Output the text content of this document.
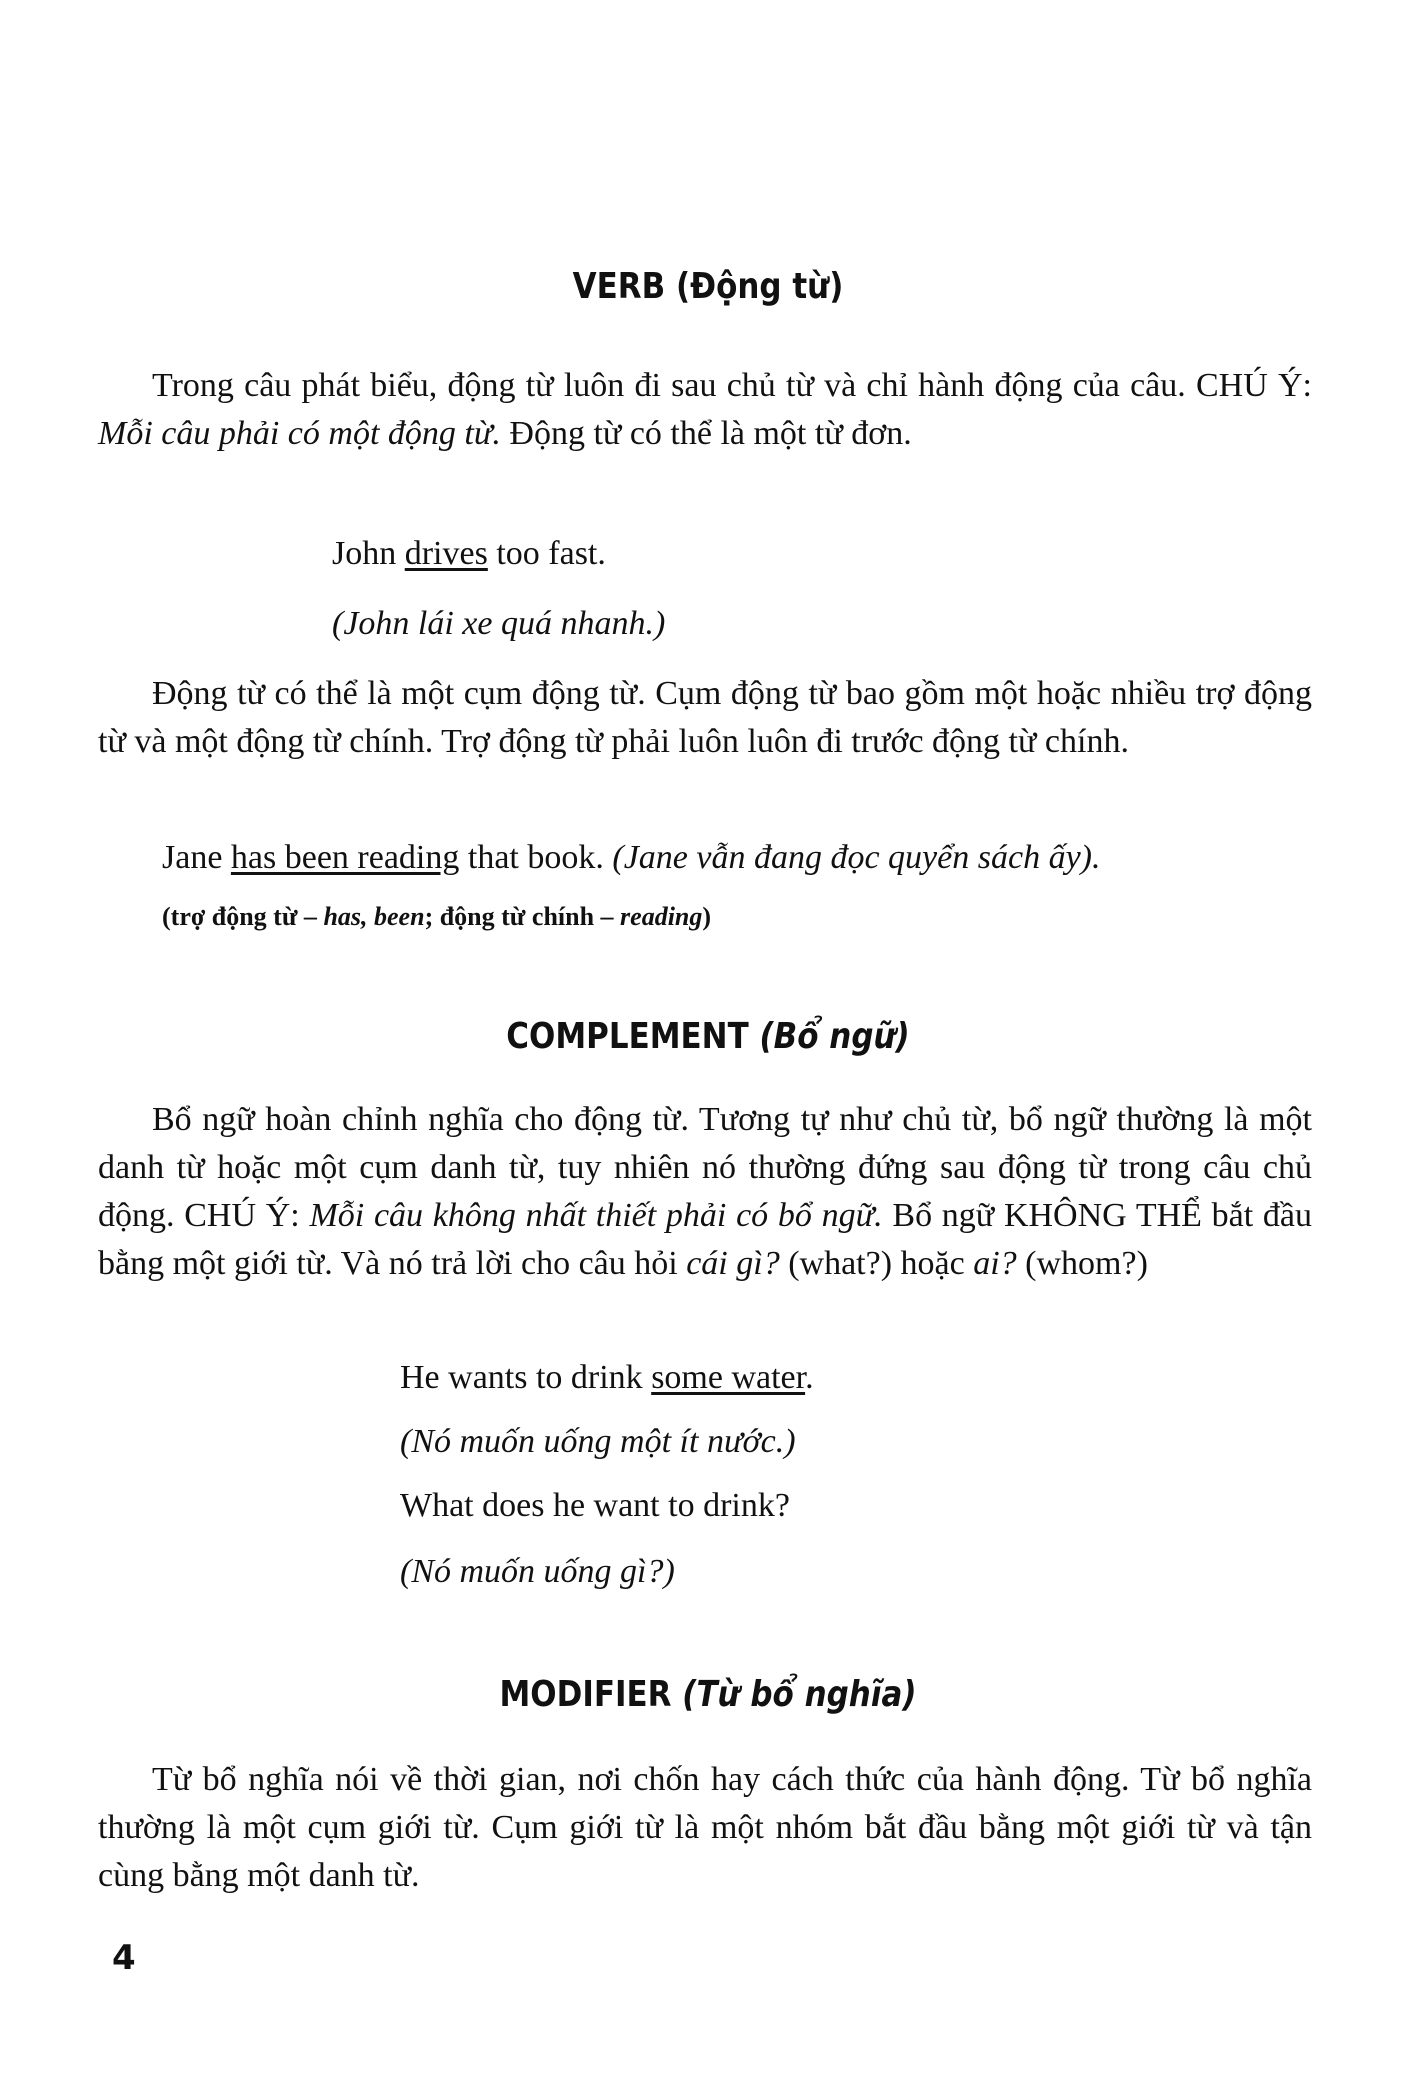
VERB (Động từ)
Trong câu phát biểu, động từ luôn đi sau chủ từ và chỉ hành động của câu. CHÚ Ý: Mỗi câu phải có một động từ. Động từ có thể là một từ đơn.
John drives too fast.
(John lái xe quá nhanh.)
Động từ có thể là một cụm động từ. Cụm động từ bao gồm một hoặc nhiều trợ động từ và một động từ chính. Trợ động từ phải luôn luôn đi trước động từ chính.
Jane has been reading that book. (Jane vẫn đang đọc quyển sách ấy).
(trợ động từ – has, been; động từ chính – reading)
COMPLEMENT (Bổ ngữ)
Bổ ngữ hoàn chỉnh nghĩa cho động từ. Tương tự như chủ từ, bổ ngữ thường là một danh từ hoặc một cụm danh từ, tuy nhiên nó thường đứng sau động từ trong câu chủ động. CHÚ Ý: Mỗi câu không nhất thiết phải có bổ ngữ. Bổ ngữ KHÔNG THỂ bắt đầu bằng một giới từ. Và nó trả lời cho câu hỏi cái gì? (what?) hoặc ai? (whom?)
He wants to drink some water.
(Nó muốn uống một ít nước.)
What does he want to drink?
(Nó muốn uống gì?)
MODIFIER (Từ bổ nghĩa)
Từ bổ nghĩa nói về thời gian, nơi chốn hay cách thức của hành động. Từ bổ nghĩa thường là một cụm giới từ. Cụm giới từ là một nhóm bắt đầu bằng một giới từ và tận cùng bằng một danh từ.
4
